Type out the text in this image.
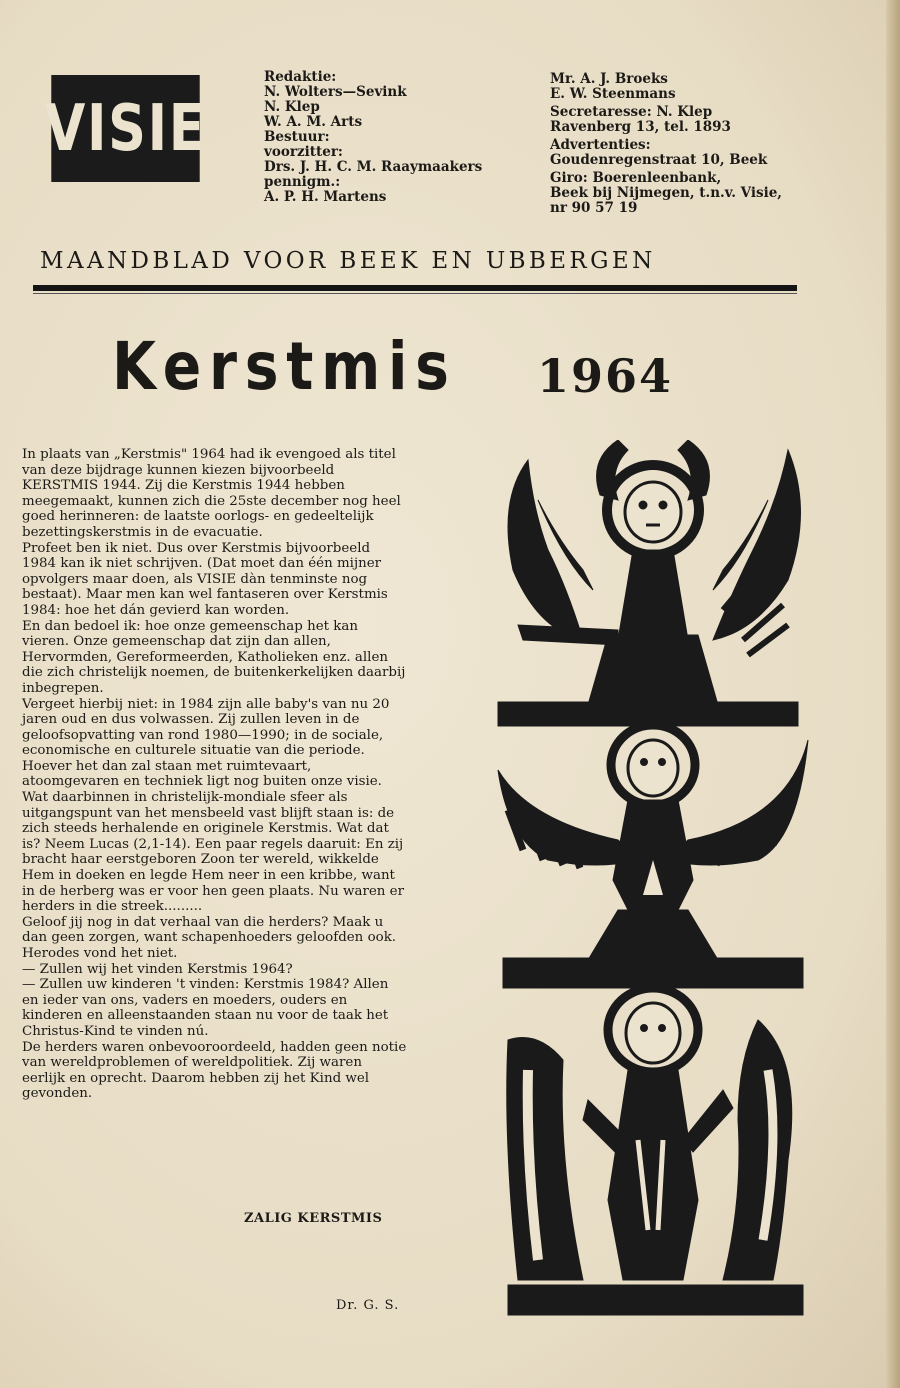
VISIE
Redaktie:
N. Wolters—Sevink
N. Klep
W. A. M. Arts
Bestuur:
voorzitter:
Drs. J. H. C. M. Raaymaakers
pennigm.:
A. P. H. Martens
Mr. A. J. Broeks
E. W. Steenmans
Secretaresse: N. Klep
Ravenberg 13, tel. 1893
Advertenties:
Goudenregenstraat 10, Beek
Giro: Boerenleenbank,
Beek bij Nijmegen, t.n.v. Visie,
nr 90 57 19
MAANDBLAD VOOR BEEK EN UBBERGEN
Kerstmis 1964

In plaats van „Kerstmis" 1964 had ik evengoed als titel van deze bijdrage kunnen kiezen bijvoorbeeld KERSTMIS 1944. Zij die Kerstmis 1944 hebben meegemaakt, kunnen zich die 25ste december nog heel goed herinneren: de laatste oorlogs- en gedeeltelijk bezettingskerstmis in de evacuatie.

Profeet ben ik niet. Dus over Kerstmis bijvoorbeeld 1984 kan ik niet schrijven. (Dat moet dan één mijner opvolgers maar doen, als VISIE dàn tenminste nog bestaat). Maar men kan wel fantaseren over Kerstmis 1984: hoe het dán gevierd kan worden.

En dan bedoel ik: hoe onze gemeenschap het kan vieren. Onze gemeenschap dat zijn dan allen, Hervormden, Gereformeerden, Katholieken enz. allen die zich christelijk noemen, de buitenkerkelijken daarbij inbegrepen.

Vergeet hierbij niet: in 1984 zijn alle baby's van nu 20 jaren oud en dus volwassen. Zij zullen leven in de geloofsopvatting van rond 1980—1990; in de sociale, economische en culturele situatie van die periode. Hoever het dan zal staan met ruimtevaart, atoomgevaren en techniek ligt nog buiten onze visie. Wat daarbinnen in christelijk-mondiale sfeer als uitgangspunt van het mensbeeld vast blijft staan is: de zich steeds herhalende en originele Kerstmis. Wat dat is? Neem Lucas (2,1-14). Een paar regels daaruit: En zij bracht haar eerstgeboren Zoon ter wereld, wikkelde Hem in doeken en legde Hem neer in een kribbe, want in de herberg was er voor hen geen plaats. Nu waren er herders in die streek.........

Geloof jij nog in dat verhaal van die herders? Maak u dan geen zorgen, want schapenhoeders geloofden ook. Herodes vond het niet.

— Zullen wij het vinden Kerstmis 1964?

— Zullen uw kinderen 't vinden: Kerstmis 1984? Allen en ieder van ons, vaders en moeders, ouders en kinderen en alleenstaanden staan nu voor de taak het Christus-Kind te vinden nú.

De herders waren onbevooroordeeld, hadden geen notie van wereldproblemen of wereldpolitiek. Zij waren eerlijk en oprecht. Daarom hebben zij het Kind wel gevonden.

ZALIG KERSTMIS
Dr. G. S.
